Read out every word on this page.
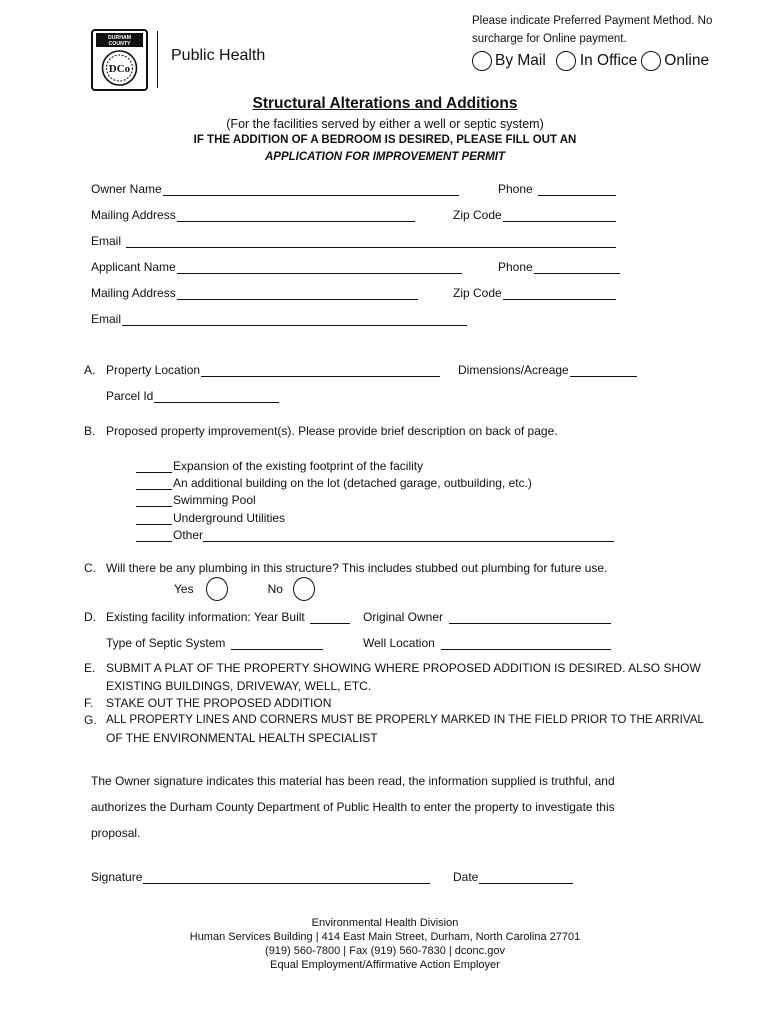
DURHAM
COUNTY
DCo
Public Health
Please indicate Preferred Payment Method. No
surcharge for Online payment.
By Mail In Office Online
Structural Alterations and Additions
(For the facilities served by either a well or septic system)
IF THE ADDITION OF A BEDROOM IS DESIRED, PLEASE FILL OUT AN
APPLICATION FOR IMPROVEMENT PERMIT
Owner Name	Phone
Mailing Address	Zip Code
Email
Applicant Name	Phone
Mailing Address	Zip Code
Email
A. Property Location	Dimensions/Acreage
Parcel Id
B. Proposed property improvement(s). Please provide brief description on back of page.
Expansion of the existing footprint of the facility
An additional building on the lot (detached garage, outbuilding, etc.)
Swimming Pool
Underground Utilities
Other
C. Will there be any plumbing in this structure? This includes stubbed out plumbing for future use.
Yes	No
D. Existing facility information: Year Built	Original Owner
Type of Septic System	Well Location
E. SUBMIT A PLAT OF THE PROPERTY SHOWING WHERE PROPOSED ADDITION IS DESIRED. ALSO SHOW
EXISTING BUILDINGS, DRIVEWAY, WELL, ETC.
F. STAKE OUT THE PROPOSED ADDITION
G. ALL PROPERTY LINES AND CORNERS MUST BE PROPERLY MARKED IN THE FIELD PRIOR TO THE ARRIVAL
OF THE ENVIRONMENTAL HEALTH SPECIALIST
The Owner signature indicates this material has been read, the information supplied is truthful, and
authorizes the Durham County Department of Public Health to enter the property to investigate this
proposal.
Signature	Date
Environmental Health Division
Human Services Building | 414 East Main Street, Durham, North Carolina 27701
(919) 560-7800 | Fax (919) 560-7830 | dconc.gov
Equal Employment/Affirmative Action Employer
